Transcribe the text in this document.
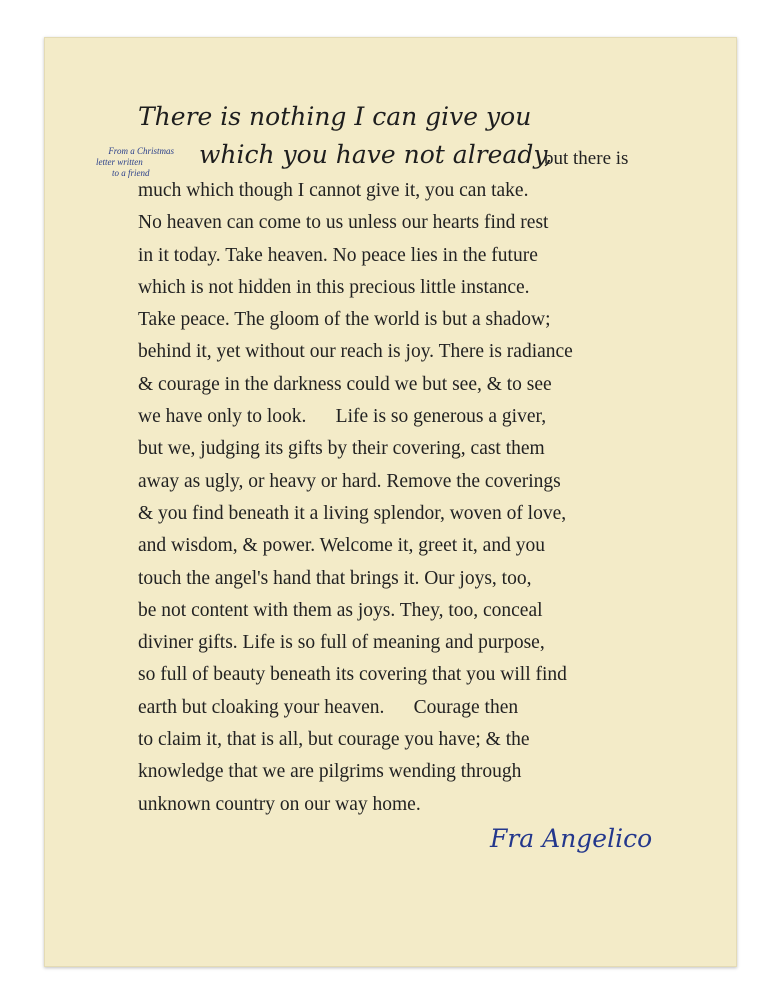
There is nothing I can give you
From a Christmas
letter written
to a friend
which you have not already,
but there is
much which though I cannot give it, you can take.
No heaven can come to us unless our hearts find rest
in it today. Take heaven. No peace lies in the future
which is not hidden in this precious little instance.
Take peace. The gloom of the world is but a shadow;
behind it, yet without our reach is joy. There is radiance
& courage in the darkness could we but see, & to see
we have only to look.      Life is so generous a giver,
but we, judging its gifts by their covering, cast them
away as ugly, or heavy or hard. Remove the coverings
& you find beneath it a living splendor, woven of love,
and wisdom, & power. Welcome it, greet it, and you
touch the angel's hand that brings it. Our joys, too,
be not content with them as joys. They, too, conceal
diviner gifts. Life is so full of meaning and purpose,
so full of beauty beneath its covering that you will find
earth but cloaking your heaven.      Courage then
to claim it, that is all, but courage you have; & the
knowledge that we are pilgrims wending through
unknown country on our way home.
Fra Angelico
